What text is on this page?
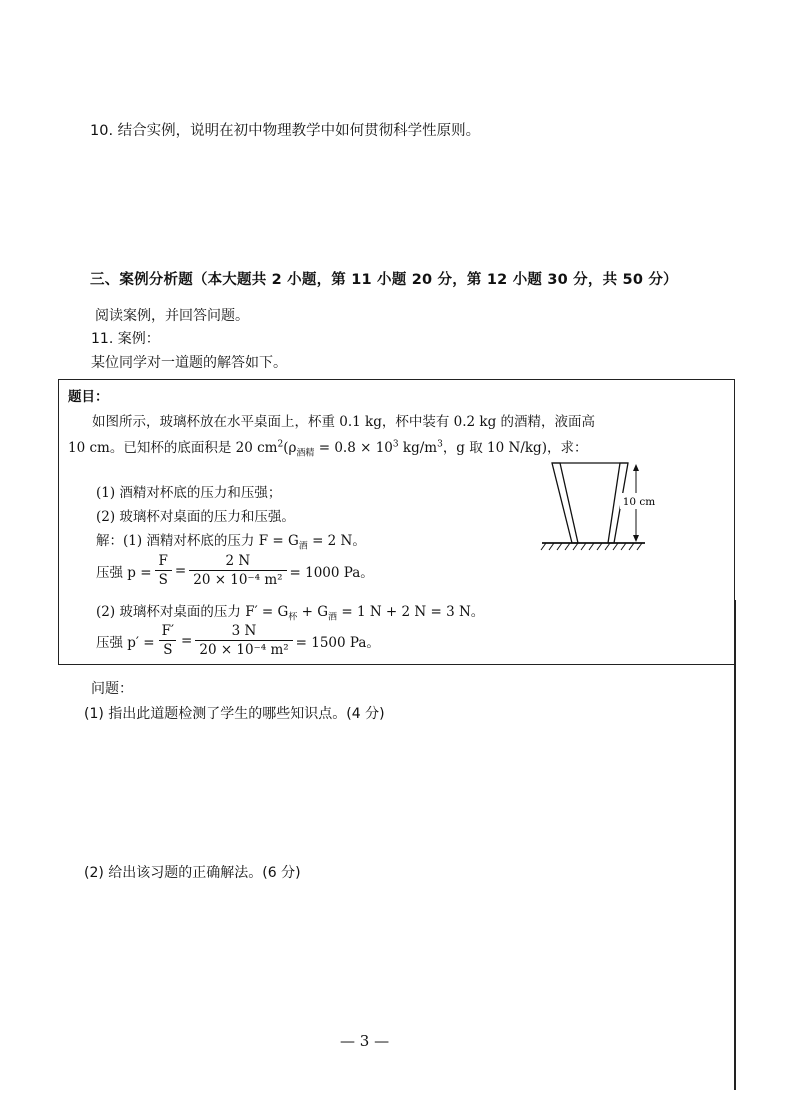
10. 结合实例，说明在初中物理教学中如何贯彻科学性原则。
三、案例分析题（本大题共 2 小题，第 11 小题 20 分，第 12 小题 30 分，共 50 分）
阅读案例，并回答问题。
11. 案例：
某位同学对一道题的解答如下。
题目：
如图所示，玻璃杯放在水平桌面上，杯重 0.1 kg，杯中装有 0.2 kg 的酒精，液面高
10 cm。已知杯的底面积是 20 $cm^2(\rho_{酒精} = 0.8 \times 10^3$ $kg/m^3$，g 取 10 N/kg)，求：
(1) 酒精对杯底的压力和压强；
(2) 玻璃杯对桌面的压力和压强。
解：(1) 酒精对杯底的压力 $F = G_酒 = 2$ N。
压强 $p = \frac{F}{S} = \frac{2 N}{\text{20 × 10⁻⁴ m²}} = 1000$ Pa。
(2) 玻璃杯对桌面的压力 $F' = G_杯 + G_酒 = 1$ N + 2 N = 3 N。
压强 $p' = \frac{F'}{S} = \frac{3 N}{\text{20 × 10⁻⁴ m²}} = 1500$ Pa。
10 cm
问题：
(1) 指出此道题检测了学生的哪些知识点。(4 分)
(2) 给出该习题的正确解法。(6 分)
— 3 —
